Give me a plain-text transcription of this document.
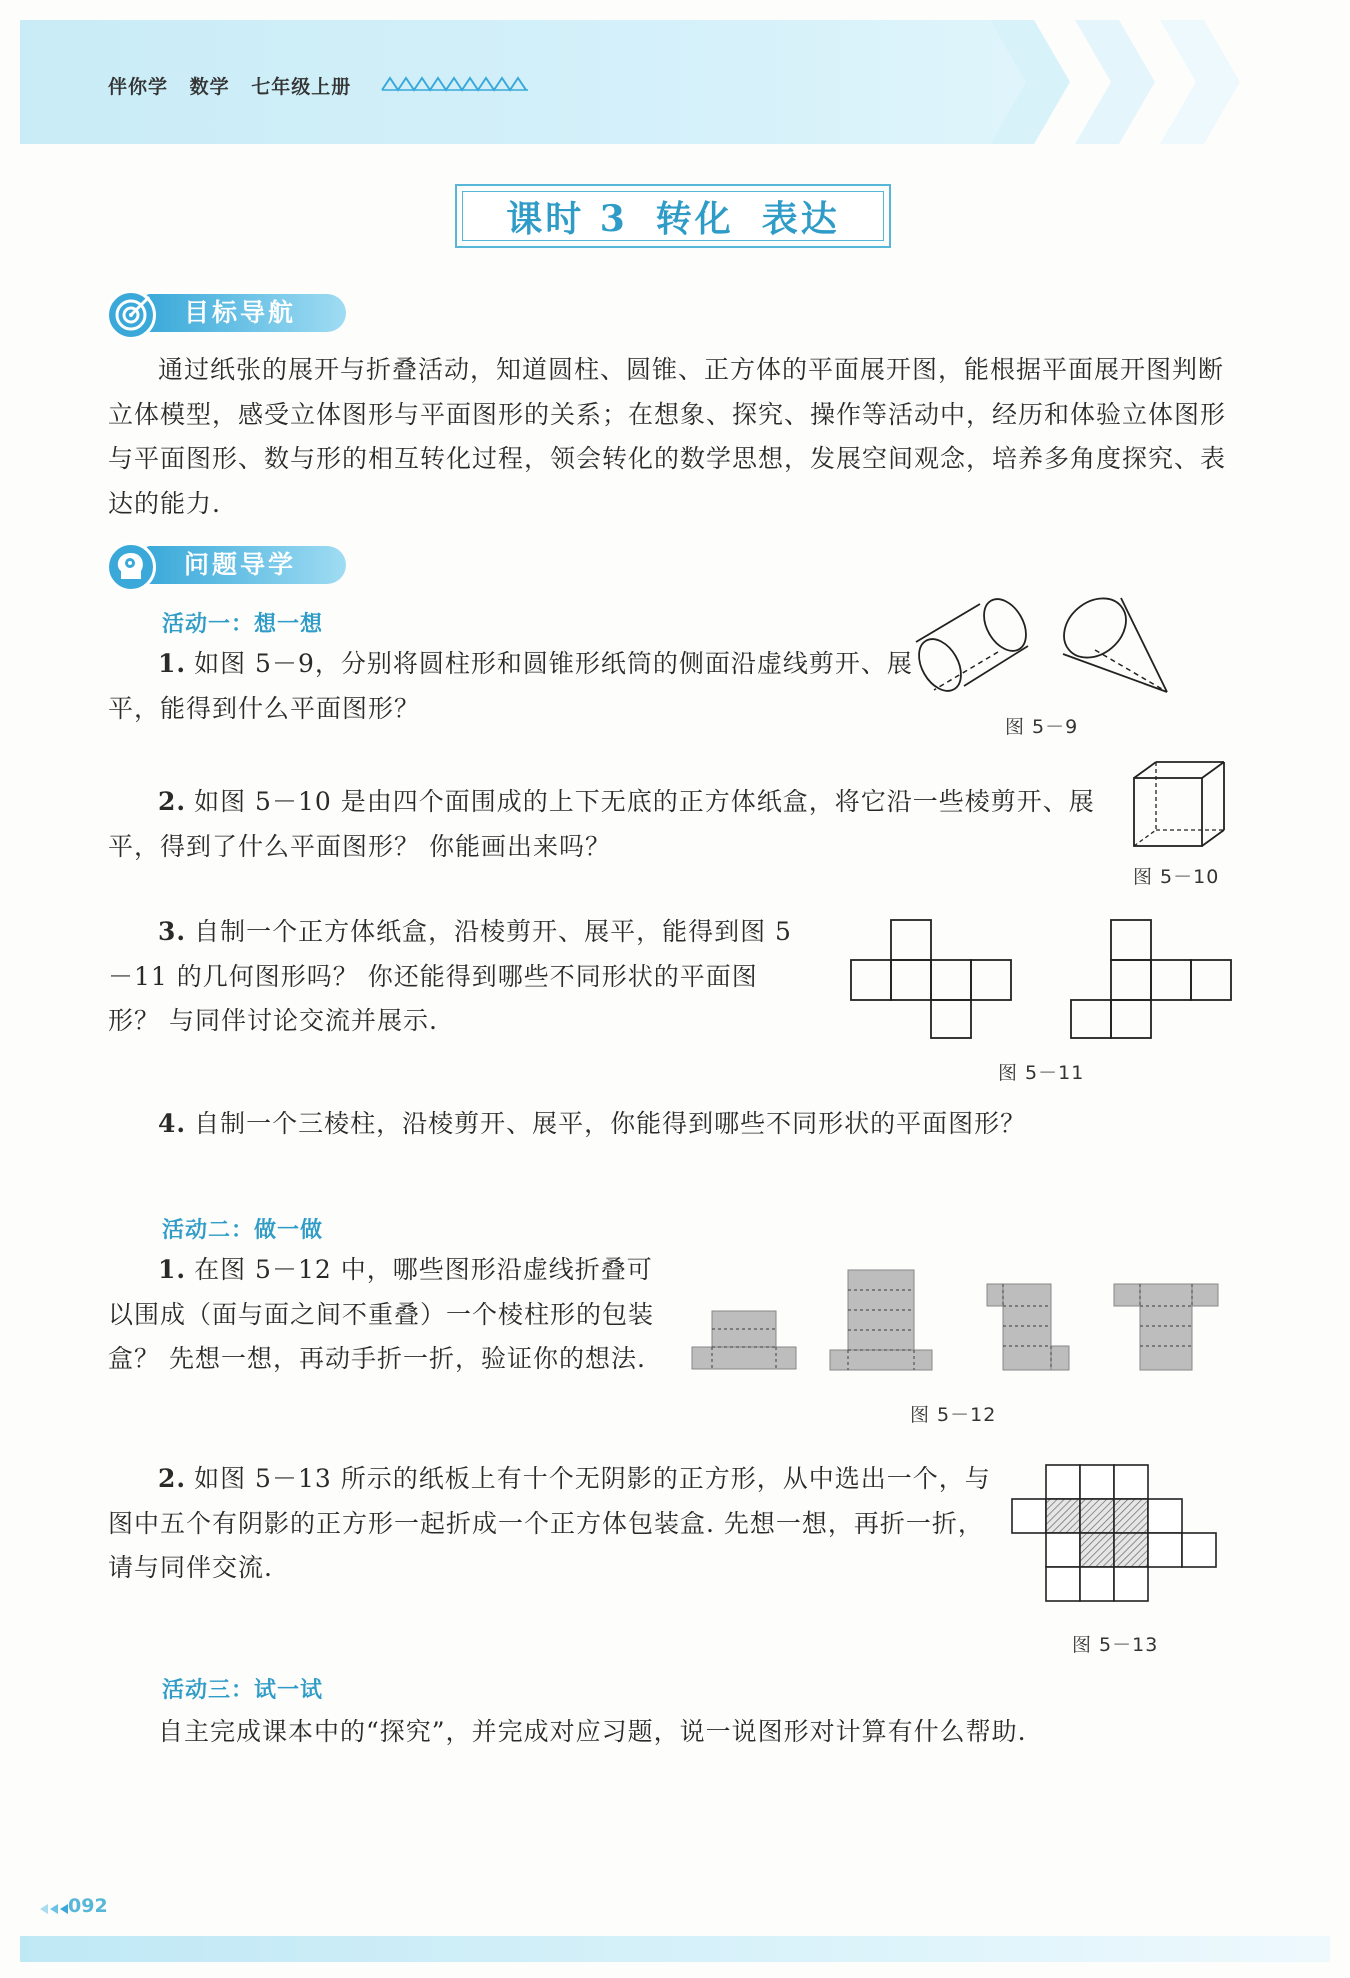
伴你学 数学 七年级上册
课时 3 转化 表达
目标导航
通过纸张的展开与折叠活动，知道圆柱、圆锥、正方体的平面展开图，能根据平面展开图判断立体模型，感受立体图形与平面图形的关系；在想象、探究、操作等活动中，经历和体验立体图形与平面图形、数与形的相互转化过程，领会转化的数学思想，发展空间观念，培养多角度探究、表达的能力.
问题导学
活动一：想一想
1. 如图 5－9，分别将圆柱形和圆锥形纸筒的侧面沿虚线剪开、展平，能得到什么平面图形？
图 5－9
2. 如图 5－10 是由四个面围成的上下无底的正方体纸盒，将它沿一些棱剪开、展平，得到了什么平面图形？ 你能画出来吗？
图 5－10
3. 自制一个正方体纸盒，沿棱剪开、展平，能得到图 5－11 的几何图形吗？ 你还能得到哪些不同形状的平面图形？ 与同伴讨论交流并展示.
图 5－11
4. 自制一个三棱柱，沿棱剪开、展平，你能得到哪些不同形状的平面图形？
活动二：做一做
1. 在图 5－12 中，哪些图形沿虚线折叠可以围成（面与面之间不重叠）一个棱柱形的包装盒？ 先想一想，再动手折一折，验证你的想法.
图 5－12
2. 如图 5－13 所示的纸板上有十个无阴影的正方形，从中选出一个，与图中五个有阴影的正方形一起折成一个正方体包装盒. 先想一想，再折一折，请与同伴交流.
图 5－13
活动三：试一试
自主完成课本中的“探究”，并完成对应习题，说一说图形对计算有什么帮助.
092
